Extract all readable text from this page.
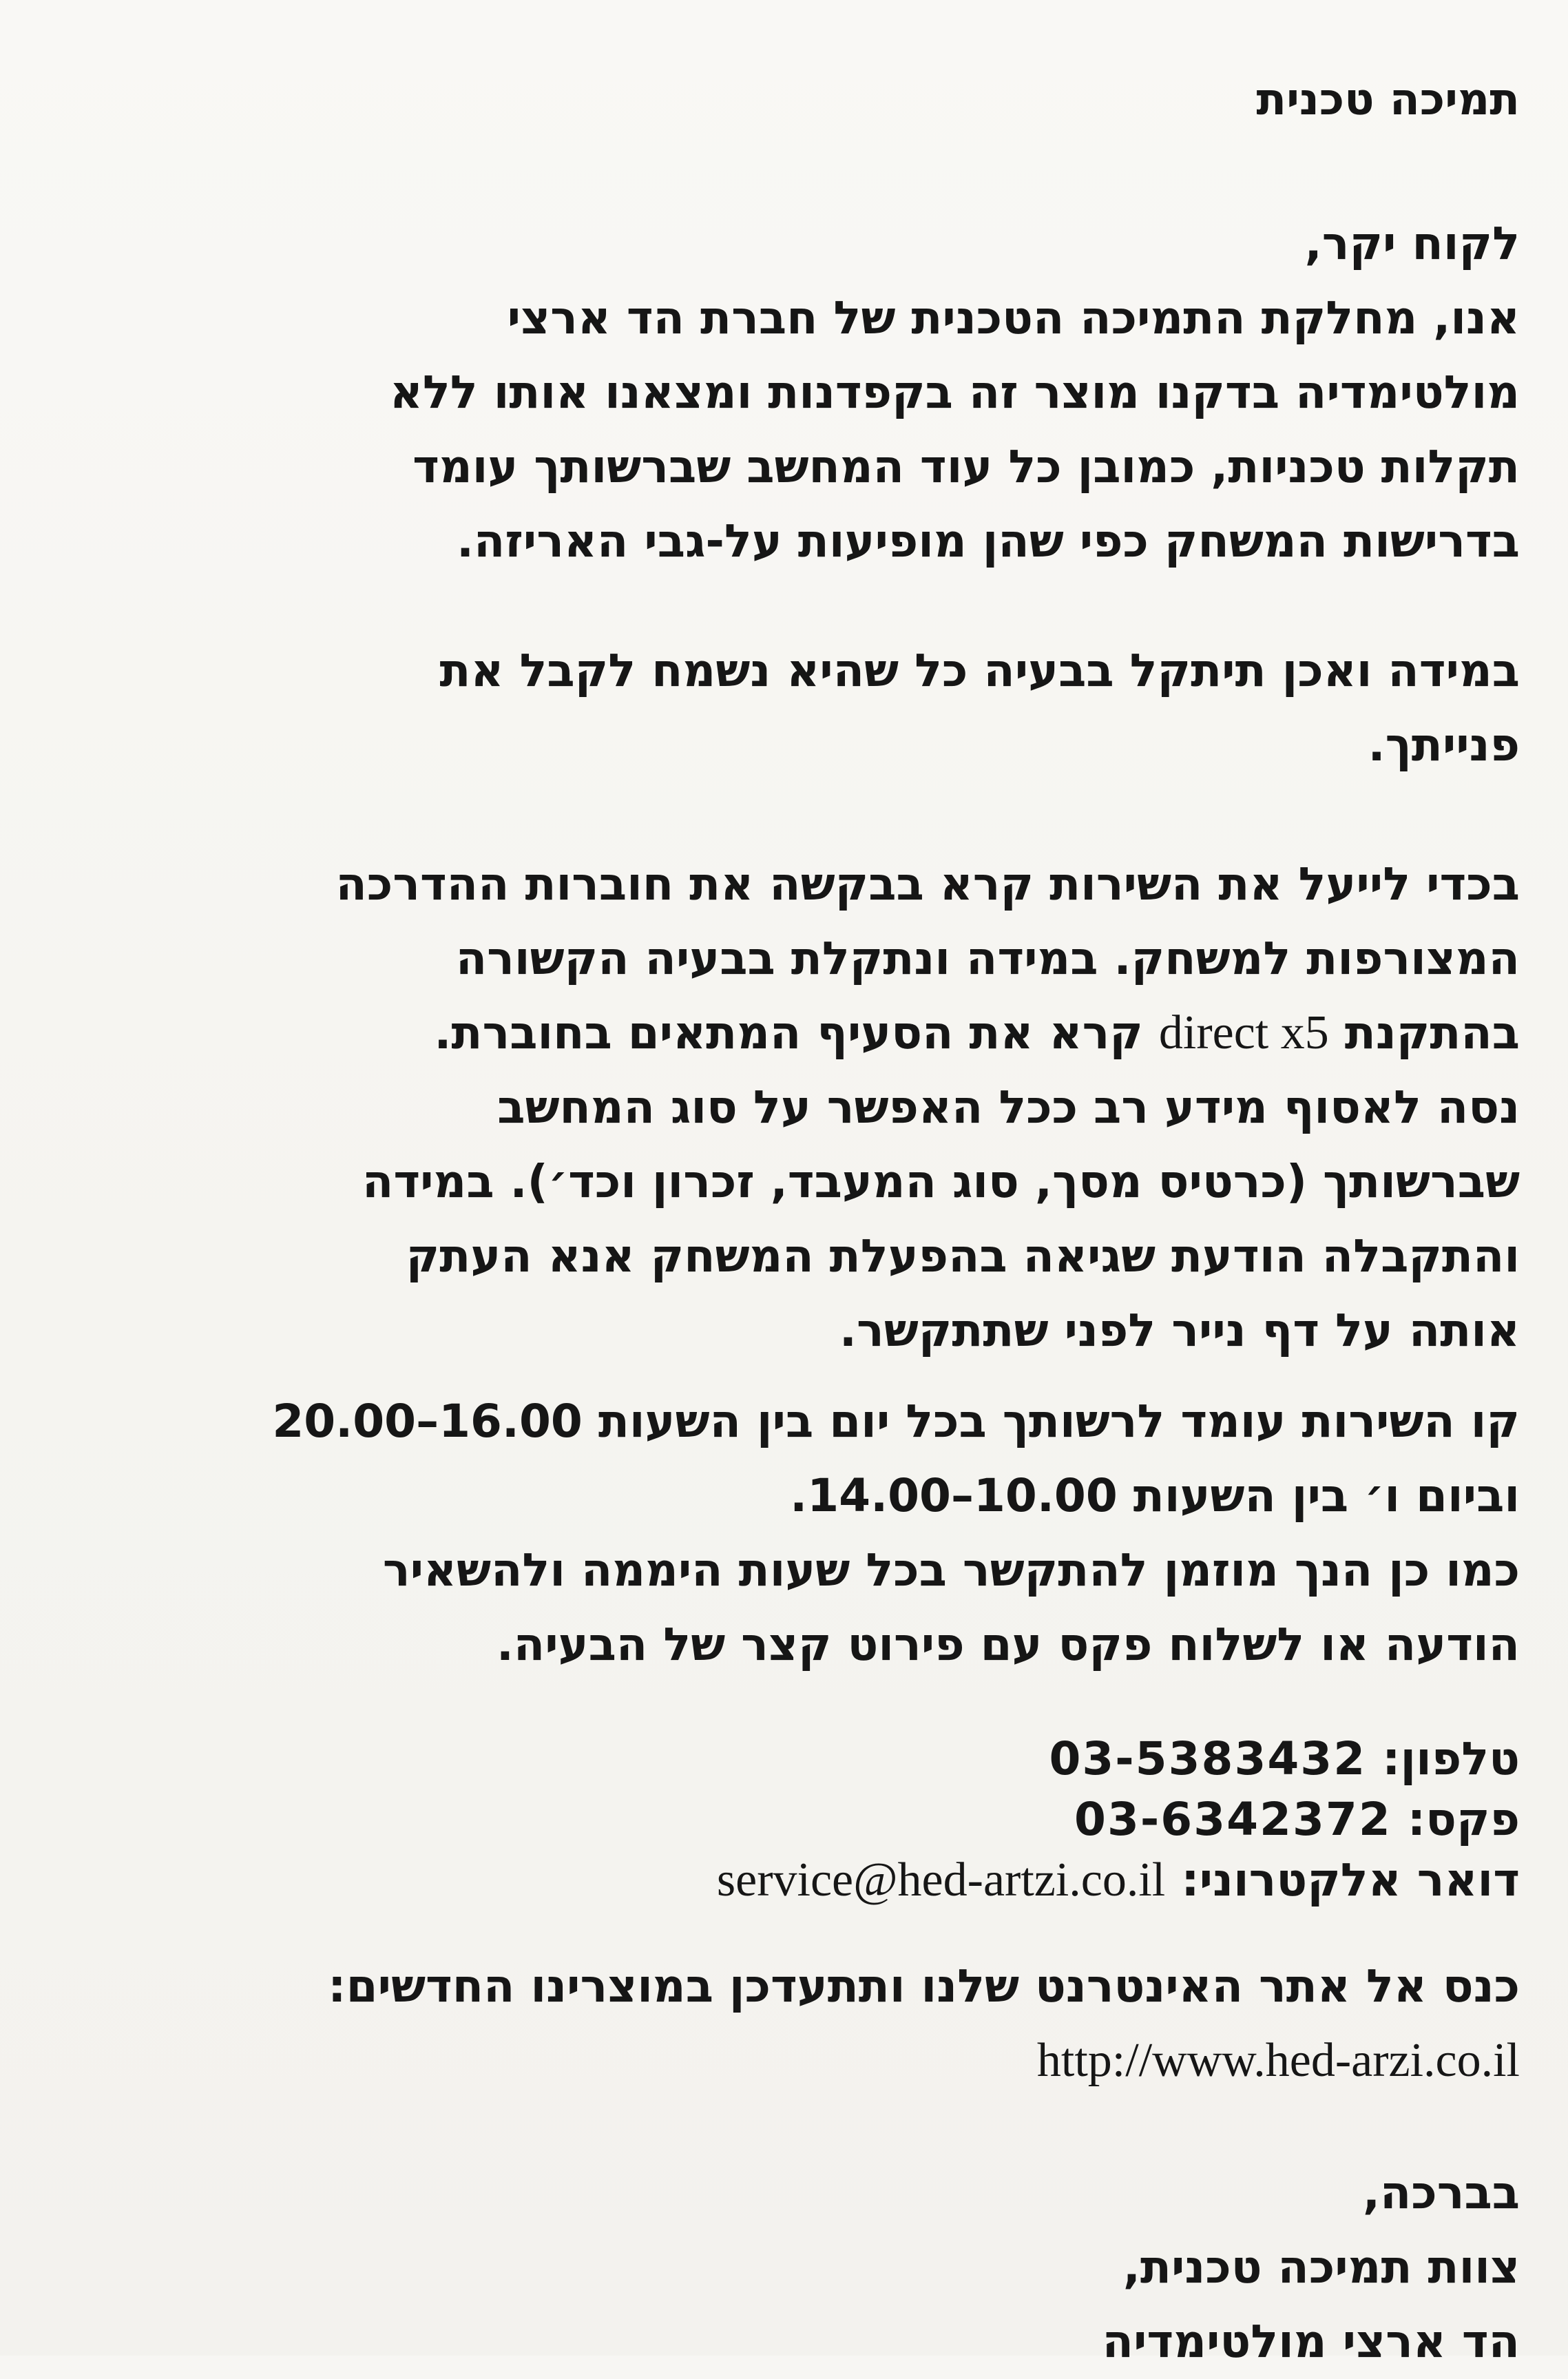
תמיכה טכנית
לקוח יקר,
אנו, מחלקת התמיכה הטכנית של חברת הד ארצי
מולטימדיה בדקנו מוצר זה בקפדנות ומצאנו אותו ללא
תקלות טכניות, כמובן כל עוד המחשב שברשותך עומד
בדרישות המשחק כפי שהן מופיעות על-גבי האריזה.
במידה ואכן תיתקל בבעיה כל שהיא נשמח לקבל את
פנייתך.
בכדי לייעל את השירות קרא בבקשה את חוברות ההדרכה
המצורפות למשחק. במידה ונתקלת בבעיה הקשורה
בהתקנת direct x5 קרא את הסעיף המתאים בחוברת.
נסה לאסוף מידע רב ככל האפשר על סוג המחשב
שברשותך (כרטיס מסך, סוג המעבד, זכרון וכד׳). במידה
והתקבלה הודעת שגיאה בהפעלת המשחק אנא העתק
אותה על דף נייר לפני שתתקשר.
קו השירות עומד לרשותך בכל יום בין השעות 16.00–20.00
וביום ו׳ בין השעות 10.00–14.00.
כמו כן הנך מוזמן להתקשר בכל שעות היממה ולהשאיר
הודעה או לשלוח פקס עם פירוט קצר של הבעיה.
טלפון: 03-5383432
פקס: 03-6342372
דואר אלקטרוני: service@hed-artzi.co.il
כנס אל אתר האינטרנט שלנו ותתעדכן במוצרינו החדשים:
http://www.hed-arzi.co.il
בברכה,
צוות תמיכה טכנית,
הד ארצי מולטימדיה
